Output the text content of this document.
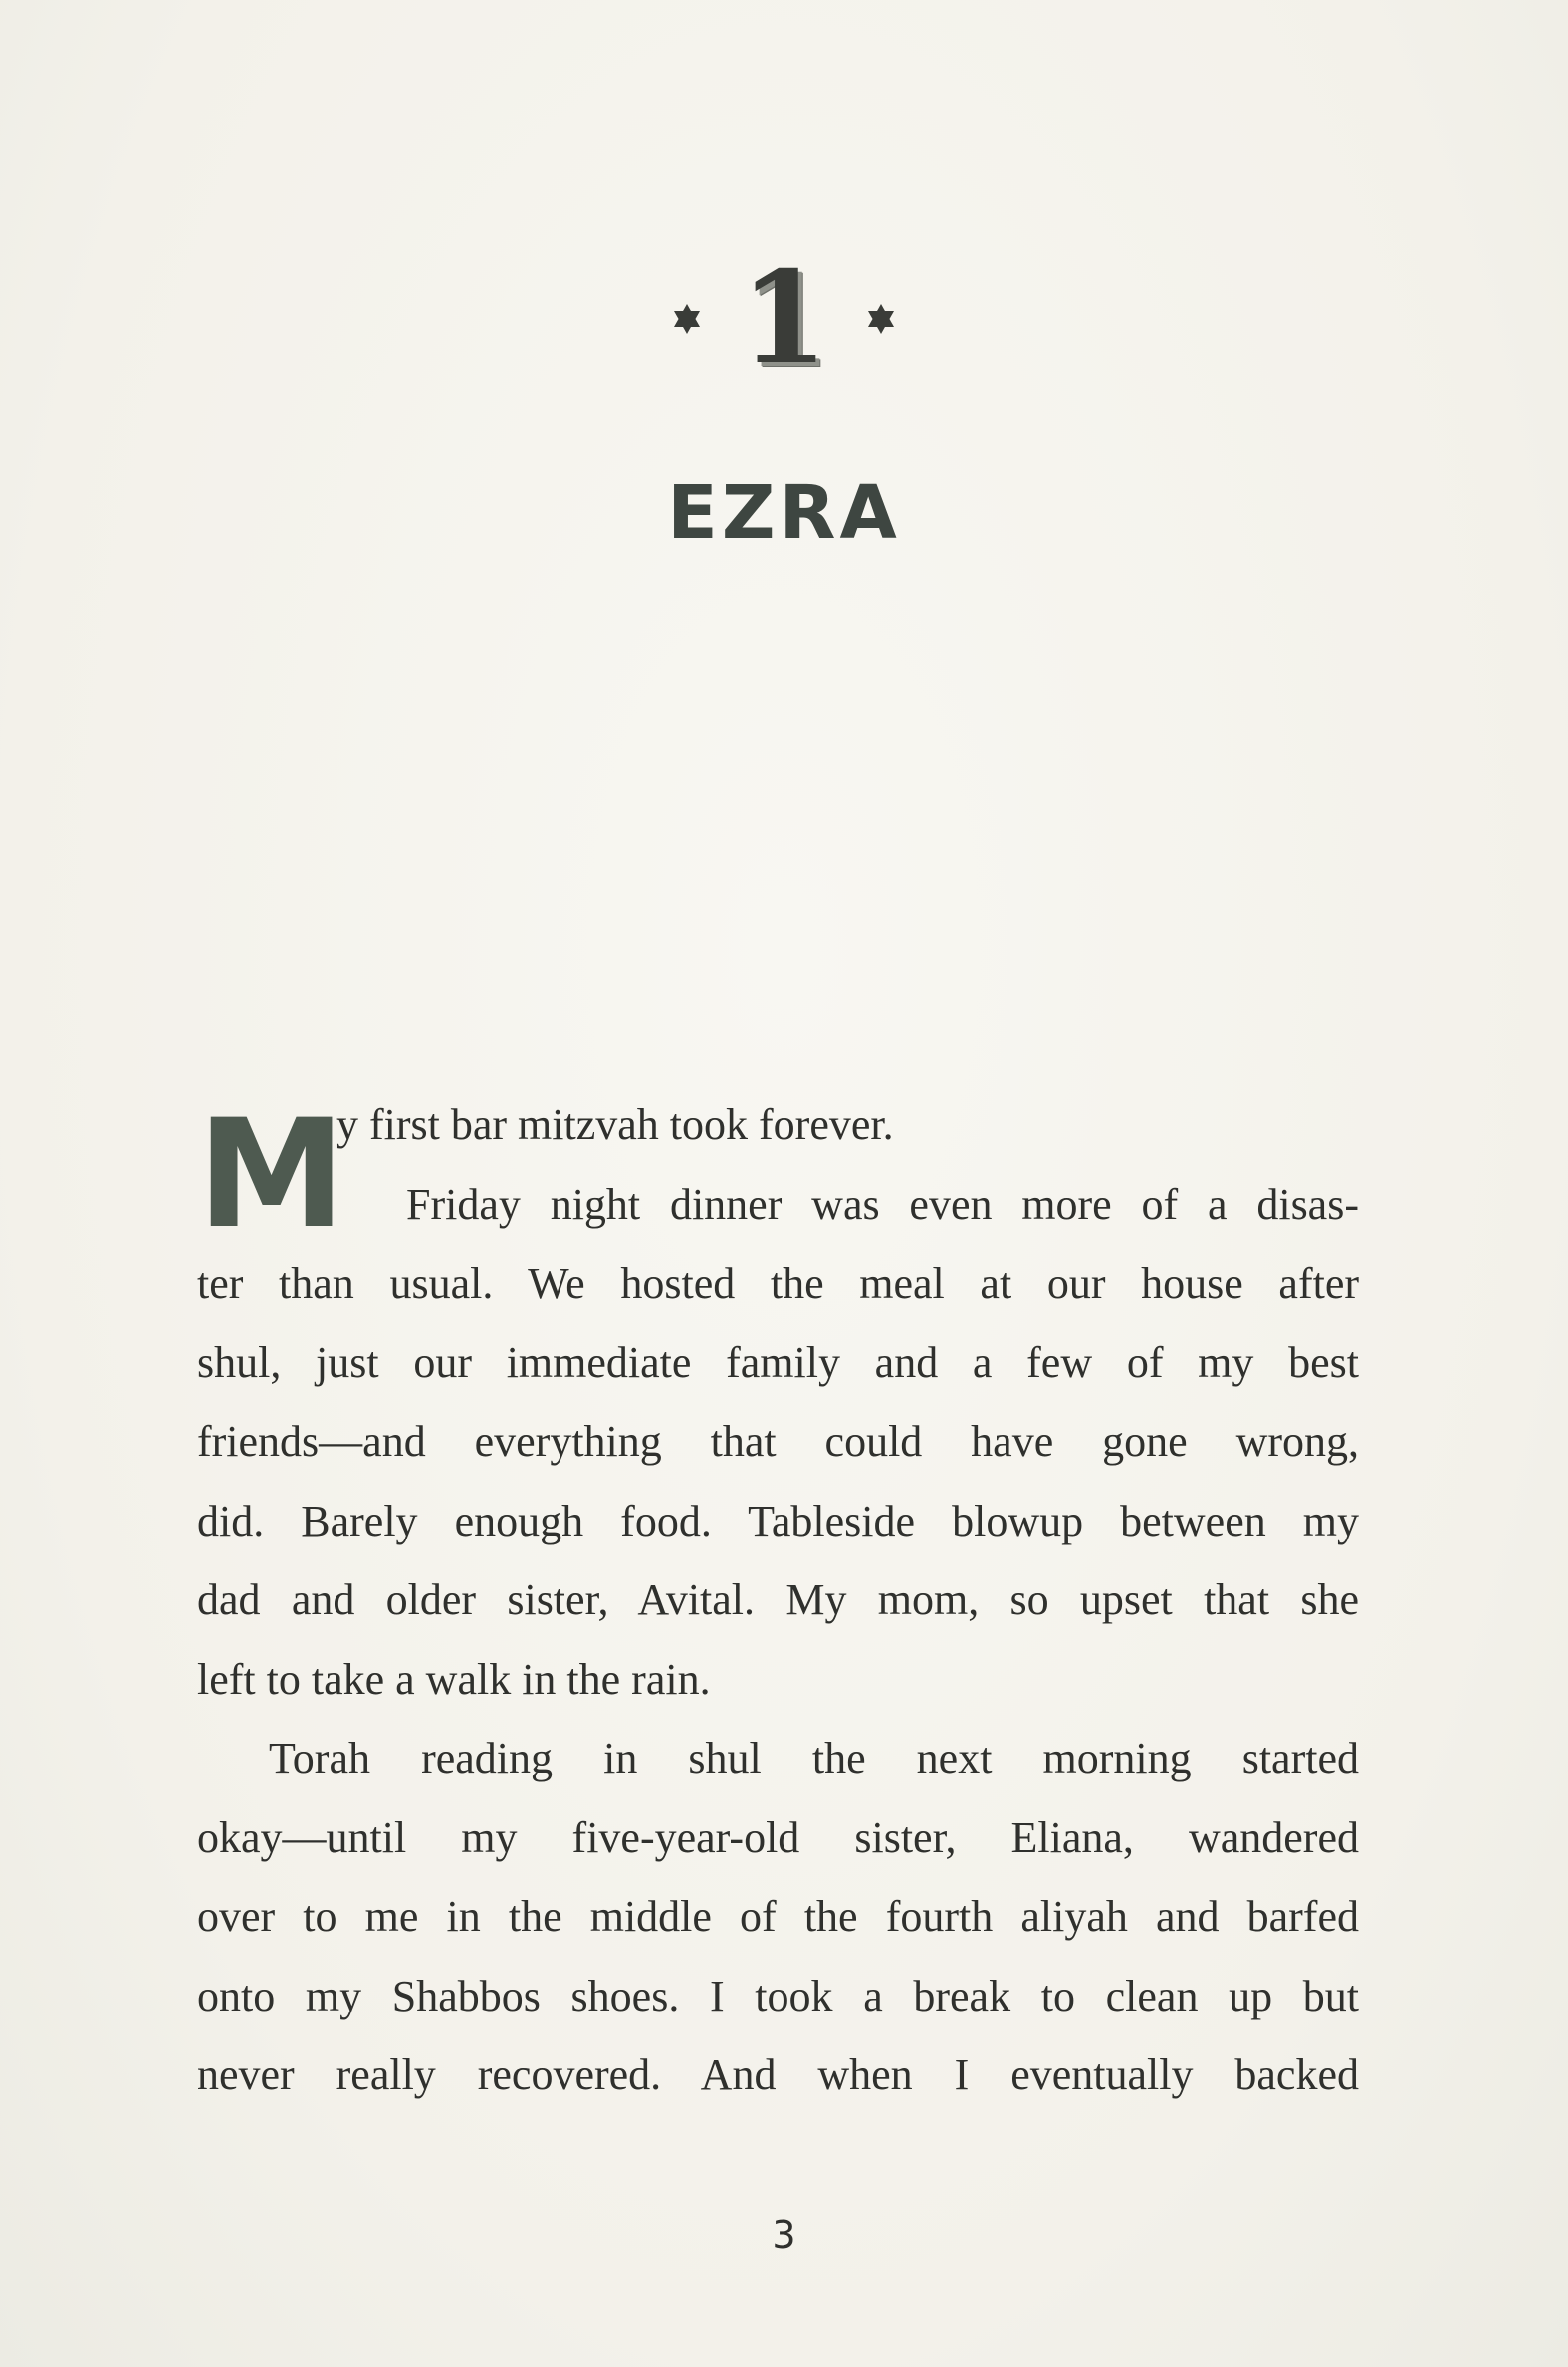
1
EZRA
M
y first bar mitzvah took forever.
Friday night dinner was even more of a disas-
ter than usual. We hosted the meal at our house after
shul, just our immediate family and a few of my best
friends—and everything that could have gone wrong,
did. Barely enough food. Tableside blowup between my
dad and older sister, Avital. My mom, so upset that she
left to take a walk in the rain.
Torah reading in shul the next morning started
okay—until my five-year-old sister, Eliana, wandered
over to me in the middle of the fourth aliyah and barfed
onto my Shabbos shoes. I took a break to clean up but
never really recovered. And when I eventually backed
3
